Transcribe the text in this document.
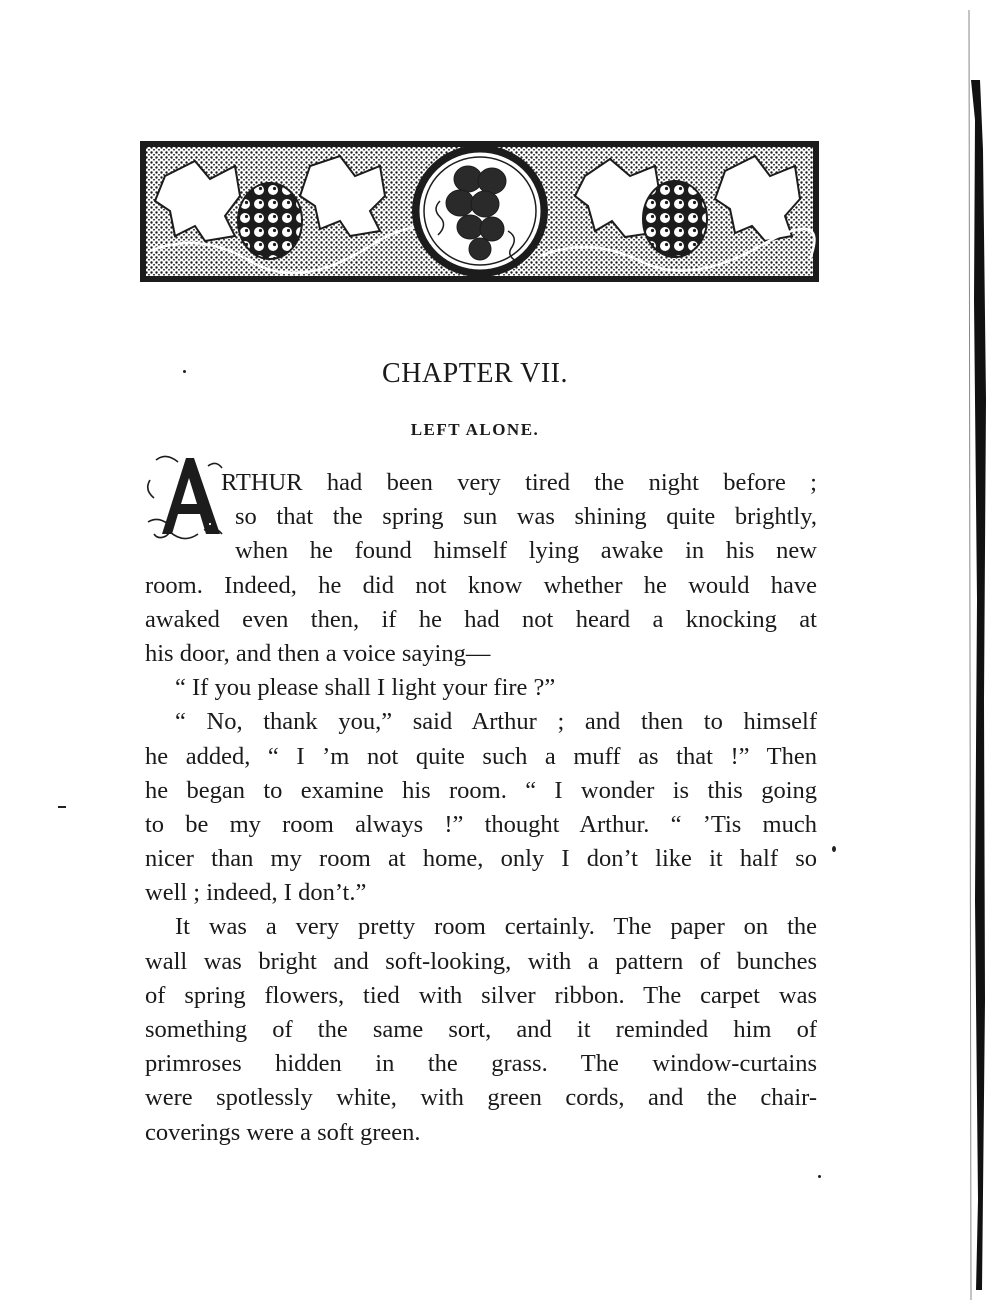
CHAPTER VII.
LEFT ALONE.
RTHUR had been very tired the night before ;
so that the spring sun was shining quite brightly,
when he found himself lying awake in his new
room. Indeed, he did not know whether he would have
awaked even then, if he had not heard a knocking at
his door, and then a voice saying—
“ If you please shall I light your fire ?”
“ No, thank you,” said Arthur ; and then to himself
he added, “ I ’m not quite such a muff as that !” Then
he began to examine his room. “ I wonder is this going
to be my room always !” thought Arthur. “ ’Tis much
nicer than my room at home, only I don’t like it half so
well ; indeed, I don’t.”
It was a very pretty room certainly. The paper on the
wall was bright and soft-looking, with a pattern of bunches
of spring flowers, tied with silver ribbon. The carpet was
something of the same sort, and it reminded him of
primroses hidden in the grass. The window-curtains
were spotlessly white, with green cords, and the chair-
coverings were a soft green.
